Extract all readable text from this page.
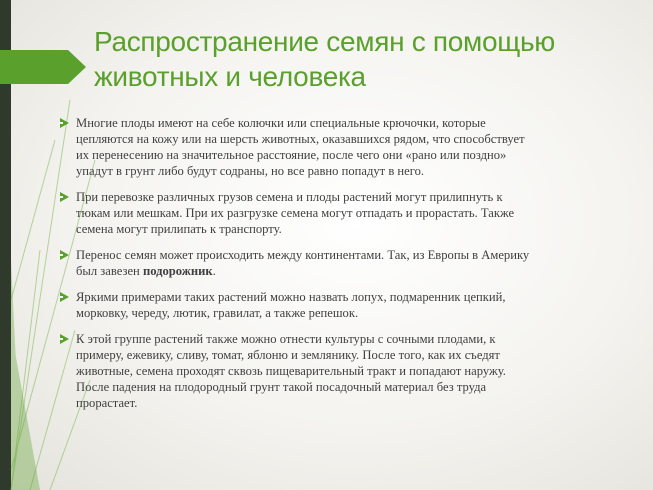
Распространение семян с помощью животных и человека
Многие плоды имеют на себе колючки или специальные крючочки, которые цепляются на кожу или на шерсть животных, оказавшихся рядом, что способствует их перенесению на значительное расстояние, после чего они «рано или поздно» упадут в грунт либо будут содраны, но все равно попадут в него.
При перевозке различных грузов семена и плоды растений могут прилипнуть к тюкам или мешкам. При их разгрузке семена могут отпадать и прорастать. Также семена могут прилипать к транспорту.
Перенос семян может происходить между континентами. Так, из Европы в Америку был завезен подорожник.
Яркими примерами таких растений можно назвать лопух, подмаренник цепкий, морковку, череду, лютик, гравилат, а также репешок.
К этой группе растений также можно отнести культуры с сочными плодами, к примеру, ежевику, сливу, томат, яблоню и землянику. После того, как их съедят животные, семена проходят сквозь пищеварительный тракт и попадают наружу. После падения на плодородный грунт такой посадочный материал без труда прорастает.
